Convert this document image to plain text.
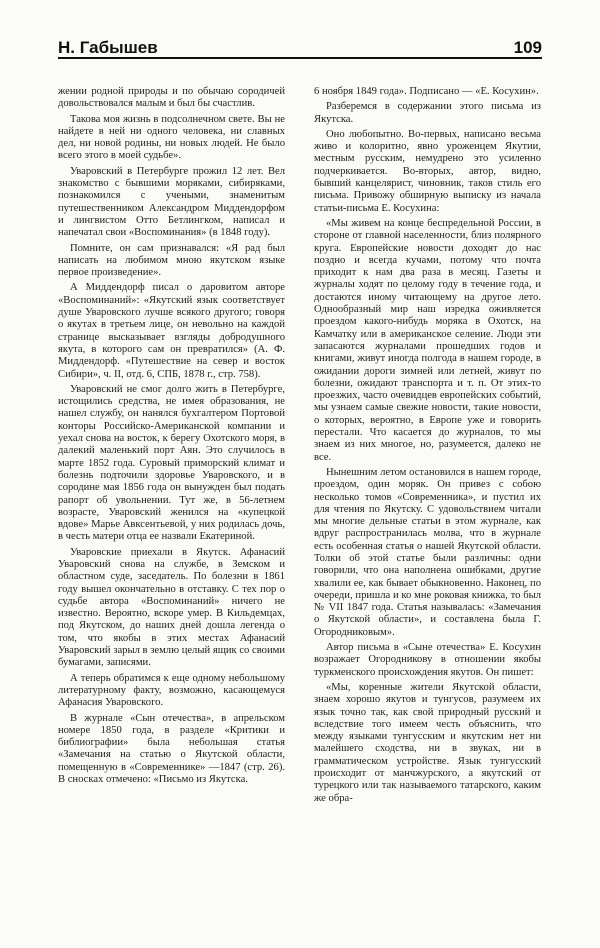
Н. Габышев	109

жении родной природы и по обычаю сородичей довольствовался малым и был бы счастлив.

Такова моя жизнь в подсолнечном свете. Вы не найдете в ней ни одного человека, ни славных дел, ни новой родины, ни новых людей. Не было всего этого в моей судьбе».

Уваровский в Петербурге прожил 12 лет. Вел знакомство с бывшими моряками, сибиряками, познакомился с учеными, знаменитым путешественником Александром Миддендорфом и лингвистом Отто Бетлингком, написал и напечатал свои «Воспоминания» (в 1848 году).

Помните, он сам признавался: «Я рад был написать на любимом мною якутском языке первое произведение».

А Миддендорф писал о даровитом авторе «Воспоминаний»: «Якутский язык соответствует душе Уваровского лучше всякого другого; говоря о якутах в третьем лице, он невольно на каждой странице высказывает взгляды добродушного якута, в которого сам он превратился» (А. Ф. Миддендорф. «Путешествие на север и восток Сибири», ч. II, отд. 6, СПБ, 1878 г., стр. 758).

Уваровский не смог долго жить в Петербурге, истощились средства, не имея образования, не нашел службу, он нанялся бухгалтером Портовой конторы Российско-Американской компании и уехал снова на восток, к берегу Охотского моря, в далекий маленький порт Аян. Это случилось в марте 1852 года. Суровый приморский климат и болезнь подточили здоровье Уваровского, и в сородине мая 1856 года он вынужден был подать рапорт об увольнении. Тут же, в 56-летнем возрасте, Уваровский женился на «купецкой вдове» Марье Авксентьевой, у них родилась дочь, в честь матери отца ее назвали Екатериной.

Уваровские приехали в Якутск. Афанасий Уваровский снова на службе, в Земском и областном суде, заседатель. По болезни в 1861 году вышел окончательно в отставку. С тех пор о судьбе автора «Воспоминаний» ничего не известно. Вероятно, вскоре умер. В Кильдемцах, под Якутском, до наших дней дошла легенда о том, что якобы в этих местах Афанасий Уваровский зарыл в землю целый ящик со своими бумагами, записями.

А теперь обратимся к еще одному небольшому литературному факту, возможно, касающемуся Афанасия Уваровского.

В журнале «Сын отечества», в апрельском номере 1850 года, в разделе «Критики и библиографии» была небольшая статья «Замечания на статью о Якутской области, помещенную в «Современнике» —1847 (стр. 26). В сносках отмечено: «Письмо из Якутска.

6 ноября 1849 года». Подписано — «Е. Косухин».

Разберемся в содержании этого письма из Якутска.

Оно любопытно. Во-первых, написано весьма живо и колоритно, явно уроженцем Якутии, местным русским, немудрено это усиленно подчеркивается. Во-вторых, автор, видно, бывший канцелярист, чиновник, таков стиль его письма. Привожу обширную выписку из начала статьи-письма Е. Косухина:

«Мы живем на конце беспредельной России, в стороне от главной населенности, близ полярного круга. Европейские новости доходят до нас поздно и всегда кучами, потому что почта приходит к нам два раза в месяц. Газеты и журналы ходят по целому году в течение года, и достаются иному читающему на другое лето. Однообразный мир наш изредка оживляется проездом какого-нибудь моряка в Охотск, на Камчатку или в американское селение. Люди эти запасаются журналами прошедших годов и книгами, живут иногда полгода в нашем городе, в ожидании дороги зимней или летней, живут по болезни, ожидают транспорта и т. п. От этих-то проезжих, часто очевидцев европейских событий, мы узнаем самые свежие новости, такие новости, о которых, вероятно, в Европе уже и говорить перестали. Что касается до журналов, то мы знаем из них многое, но, разумеется, далеко не все.

Нынешним летом остановился в нашем городе, проездом, один моряк. Он привез с собою несколько томов «Современника», и пустил их для чтения по Якутску. С удовольствием читали мы многие дельные статьи в этом журнале, как вдруг распространилась молва, что в журнале есть особенная статья о нашей Якутской области. Толки об этой статье были различны: одни говорили, что она наполнена ошибками, другие хвалили ее, как бывает обыкновенно. Наконец, по очереди, пришла и ко мне роковая книжка, то был № VII 1847 года. Статья называлась: «Замечания о Якутской области», и составлена была Г. Огородниковым».

Автор письма в «Сыне отечества» Е. Косухин возражает Огородникову в отношении якобы туркменского происхождения якутов. Он пишет:

«Мы, коренные жители Якутской области, знаем хорошо якутов и тунгусов, разумеем их язык точно так, как свой природный русский и вследствие того имеем честь объяснить, что между языками тунгусским и якутским нет ни малейшего сходства, ни в звуках, ни в грамматическом устройстве. Язык тунгусский происходит от манчжурского, а якутский от турецкого или так называемого татарского, каким же обра-
